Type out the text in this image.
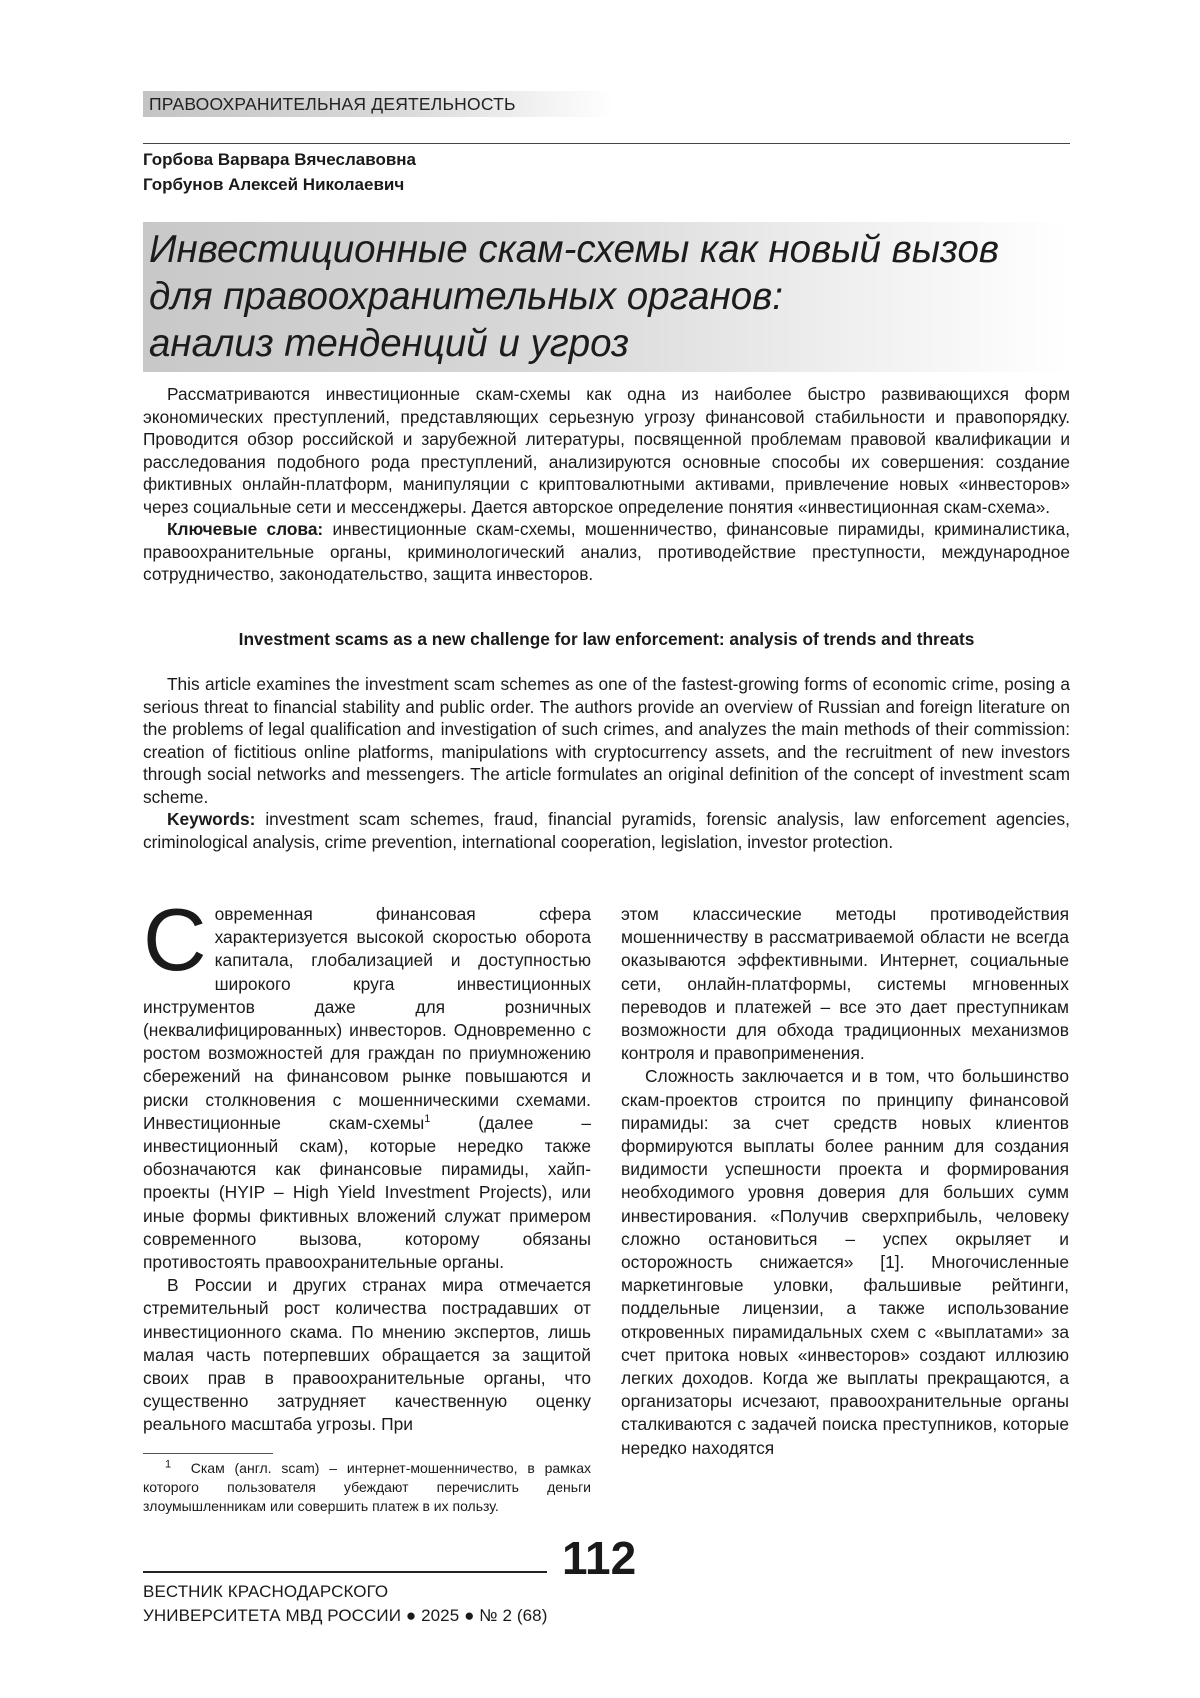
ПРАВООХРАНИТЕЛЬНАЯ ДЕЯТЕЛЬНОСТЬ
Горбова Варвара Вячеславовна
Горбунов Алексей Николаевич
Инвестиционные скам-схемы как новый вызов
для правоохранительных органов:
анализ тенденций и угроз

Рассматриваются инвестиционные скам-схемы как одна из наиболее быстро развивающихся форм экономических преступлений, представляющих серьезную угрозу финансовой стабильности и правопорядку. Проводится обзор российской и зарубежной литературы, посвященной проблемам правовой квалификации и расследования подобного рода преступлений, анализируются основные способы их совершения: создание фиктивных онлайн-платформ, манипуляции с криптовалютными активами, привлечение новых «инвесторов» через социальные сети и мессенджеры. Дается авторское определение понятия «инвестиционная скам-схема».

Ключевые слова: инвестиционные скам-схемы, мошенничество, финансовые пирамиды, криминалистика, правоохранительные органы, криминологический анализ, противодействие преступности, международное сотрудничество, законодательство, защита инвесторов.

Investment scams as a new challenge for law enforcement: analysis of trends and threats

This article examines the investment scam schemes as one of the fastest-growing forms of economic crime, posing a serious threat to financial stability and public order. The authors provide an overview of Russian and foreign literature on the problems of legal qualification and investigation of such crimes, and analyzes the main methods of their commission: creation of fictitious online platforms, manipulations with cryptocurrency assets, and the recruitment of new investors through social networks and messengers. The article formulates an original definition of the concept of investment scam scheme.

Keywords: investment scam schemes, fraud, financial pyramids, forensic analysis, law enforcement agencies, criminological analysis, crime prevention, international cooperation, legislation, investor protection.

Современная финансовая сфера характеризуется высокой скоростью оборота капитала, глобализацией и доступностью широкого круга инвестиционных инструментов даже для розничных (неквалифицированных) инвесторов. Одновременно с ростом возможностей для граждан по приумножению сбережений на финансовом рынке повышаются и риски столкновения с мошенническими схемами. Инвестиционные скам-схемы$^1$ (далее – инвестиционный скам), которые нередко также обозначаются как финансовые пирамиды, хайп-проекты (HYIP – High Yield Investment Projects), или иные формы фиктивных вложений служат примером современного вызова, которому обязаны противостоять правоохранительные органы.

В России и других странах мира отмечается стремительный рост количества пострадавших от инвестиционного скама. По мнению экспертов, лишь малая часть потерпевших обращается за защитой своих прав в правоохранительные органы, что существенно затрудняет качественную оценку реального масштаба угрозы. При

этом классические методы противодействия мошенничеству в рассматриваемой области не всегда оказываются эффективными. Интернет, социальные сети, онлайн-платформы, системы мгновенных переводов и платежей – все это дает преступникам возможности для обхода традиционных механизмов контроля и правоприменения.

Сложность заключается и в том, что большинство скам-проектов строится по принципу финансовой пирамиды: за счет средств новых клиентов формируются выплаты более ранним для создания видимости успешности проекта и формирования необходимого уровня доверия для больших сумм инвестирования. «Получив сверхприбыль, человеку сложно остановиться – успех окрыляет и осторожность снижается» [1]. Многочисленные маркетинговые уловки, фальшивые рейтинги, поддельные лицензии, а также использование откровенных пирамидальных схем с «выплатами» за счет притока новых «инвесторов» создают иллюзию легких доходов. Когда же выплаты прекращаются, а организаторы исчезают, правоохранительные органы сталкиваются с задачей поиска преступников, которые нередко находятся

$^1$ Скам (англ. scam) – интернет-мошенничество, в рамках которого пользователя убеждают перечислить деньги злоумышленникам или совершить платеж в их пользу.
112
ВЕСТНИК КРАСНОДАРСКОГО
УНИВЕРСИТЕТА МВД РОССИИ ● 2025 ● № 2 (68)
